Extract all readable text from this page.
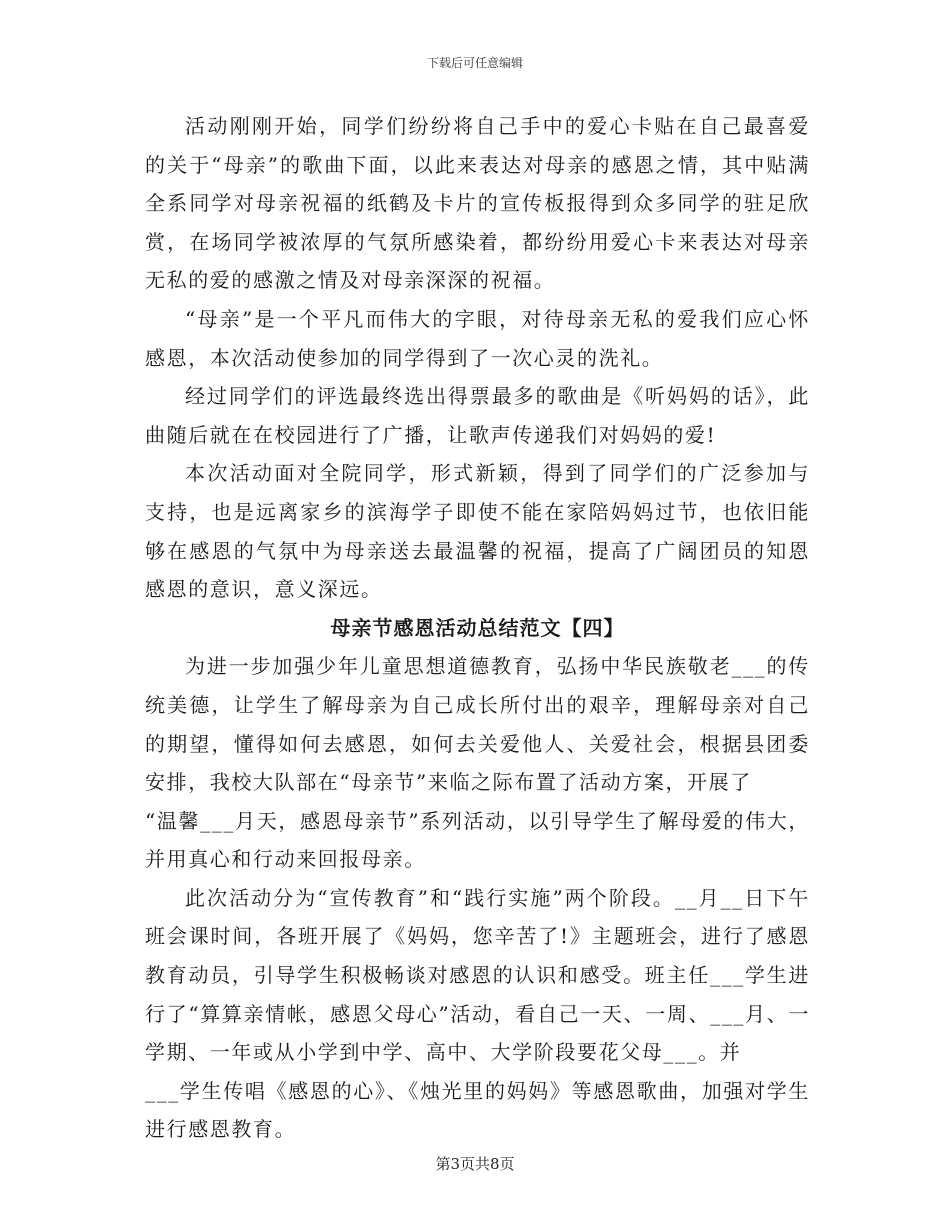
下载后可任意编辑

活动刚刚开始，同学们纷纷将自己手中的爱心卡贴在自己最喜爱的关于“母亲”的歌曲下面，以此来表达对母亲的感恩之情，其中贴满全系同学对母亲祝福的纸鹤及卡片的宣传板报得到众多同学的驻足欣赏，在场同学被浓厚的气氛所感染着，都纷纷用爱心卡来表达对母亲无私的爱的感激之情及对母亲深深的祝福。

“母亲”是一个平凡而伟大的字眼，对待母亲无私的爱我们应心怀感恩，本次活动使参加的同学得到了一次心灵的洗礼。

经过同学们的评选最终选出得票最多的歌曲是《听妈妈的话》，此曲随后就在在校园进行了广播，让歌声传递我们对妈妈的爱!

本次活动面对全院同学，形式新颖，得到了同学们的广泛参加与支持，也是远离家乡的滨海学子即使不能在家陪妈妈过节，也依旧能够在感恩的气氛中为母亲送去最温馨的祝福，提高了广阔团员的知恩感恩的意识，意义深远。

母亲节感恩活动总结范文【四】

为进一步加强少年儿童思想道德教育，弘扬中华民族敬老___的传统美德，让学生了解母亲为自己成长所付出的艰辛，理解母亲对自己的期望，懂得如何去感恩，如何去关爱他人、关爱社会，根据县团委安排，我校大队部在“母亲节”来临之际布置了活动方案，开展了

“温馨___月天，感恩母亲节”系列活动，以引导学生了解母爱的伟大，并用真心和行动来回报母亲。

此次活动分为“宣传教育”和“践行实施”两个阶段。__月__日下午班会课时间，各班开展了《妈妈，您辛苦了!》主题班会，进行了感恩教育动员，引导学生积极畅谈对感恩的认识和感受。班主任___学生进行了“算算亲情帐，感恩父母心”活动，看自己一天、一周、___月、一学期、一年或从小学到中学、高中、大学阶段要花父母___。并

___学生传唱《感恩的心》、《烛光里的妈妈》等感恩歌曲，加强对学生进行感恩教育。

第3页共8页
